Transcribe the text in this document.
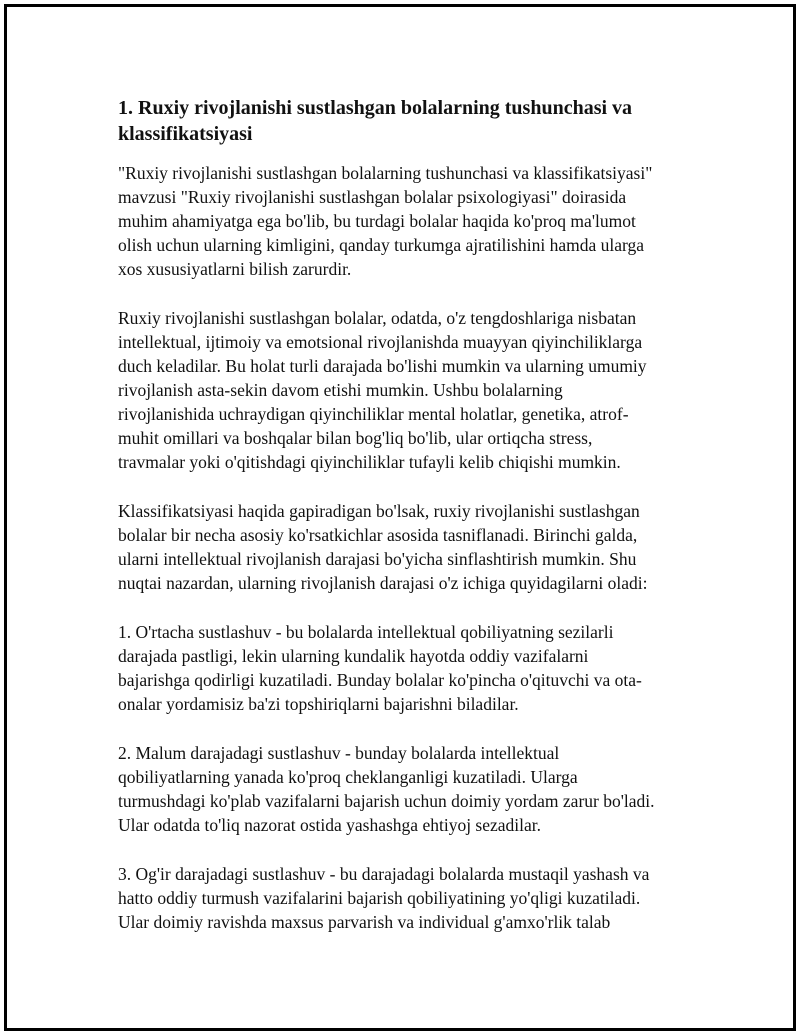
1. Ruxiy rivojlanishi sustlashgan bolalarning tushunchasi va
klassifikatsiyasi

"Ruxiy rivojlanishi sustlashgan bolalarning tushunchasi va klassifikatsiyasi"
mavzusi "Ruxiy rivojlanishi sustlashgan bolalar psixologiyasi" doirasida
muhim ahamiyatga ega bo'lib, bu turdagi bolalar haqida ko'proq ma'lumot
olish uchun ularning kimligini, qanday turkumga ajratilishini hamda ularga
xos xususiyatlarni bilish zarurdir.

Ruxiy rivojlanishi sustlashgan bolalar, odatda, o'z tengdoshlariga nisbatan
intellektual, ijtimoiy va emotsional rivojlanishda muayyan qiyinchiliklarga
duch keladilar. Bu holat turli darajada bo'lishi mumkin va ularning umumiy
rivojlanish asta-sekin davom etishi mumkin. Ushbu bolalarning
rivojlanishida uchraydigan qiyinchiliklar mental holatlar, genetika, atrof-
muhit omillari va boshqalar bilan bog'liq bo'lib, ular ortiqcha stress,
travmalar yoki o'qitishdagi qiyinchiliklar tufayli kelib chiqishi mumkin.

Klassifikatsiyasi haqida gapiradigan bo'lsak, ruxiy rivojlanishi sustlashgan
bolalar bir necha asosiy ko'rsatkichlar asosida tasniflanadi. Birinchi galda,
ularni intellektual rivojlanish darajasi bo'yicha sinflashtirish mumkin. Shu
nuqtai nazardan, ularning rivojlanish darajasi o'z ichiga quyidagilarni oladi:

1. O'rtacha sustlashuv - bu bolalarda intellektual qobiliyatning sezilarli
darajada pastligi, lekin ularning kundalik hayotda oddiy vazifalarni
bajarishga qodirligi kuzatiladi. Bunday bolalar ko'pincha o'qituvchi va ota-
onalar yordamisiz ba'zi topshiriqlarni bajarishni biladilar.

2. Malum darajadagi sustlashuv - bunday bolalarda intellektual
qobiliyatlarning yanada ko'proq cheklanganligi kuzatiladi. Ularga
turmushdagi ko'plab vazifalarni bajarish uchun doimiy yordam zarur bo'ladi.
Ular odatda to'liq nazorat ostida yashashga ehtiyoj sezadilar.

3. Og'ir darajadagi sustlashuv - bu darajadagi bolalarda mustaqil yashash va
hatto oddiy turmush vazifalarini bajarish qobiliyatining yo'qligi kuzatiladi.
Ular doimiy ravishda maxsus parvarish va individual g'amxo'rlik talab
